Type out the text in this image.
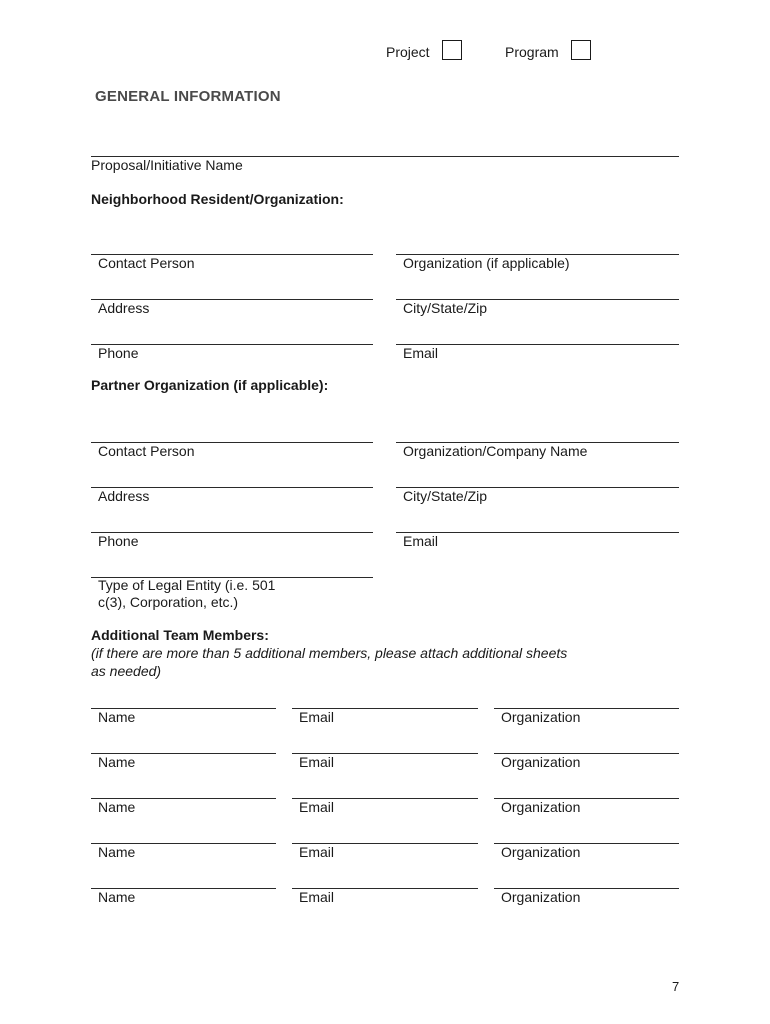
Project	Program
GENERAL INFORMATION
Proposal/Initiative Name
Neighborhood Resident/Organization:
Contact Person	Organization (if applicable)
Address	City/State/Zip
Phone	Email
Partner Organization (if applicable):
Contact Person	Organization/Company Name
Address	City/State/Zip
Phone	Email
Type of Legal Entity (i.e. 501
c(3), Corporation, etc.)
Additional Team Members:
(if there are more than 5 additional members, please attach additional sheets
as needed)
Name	Email	Organization
Name	Email	Organization
Name	Email	Organization
Name	Email	Organization
Name	Email	Organization
7
